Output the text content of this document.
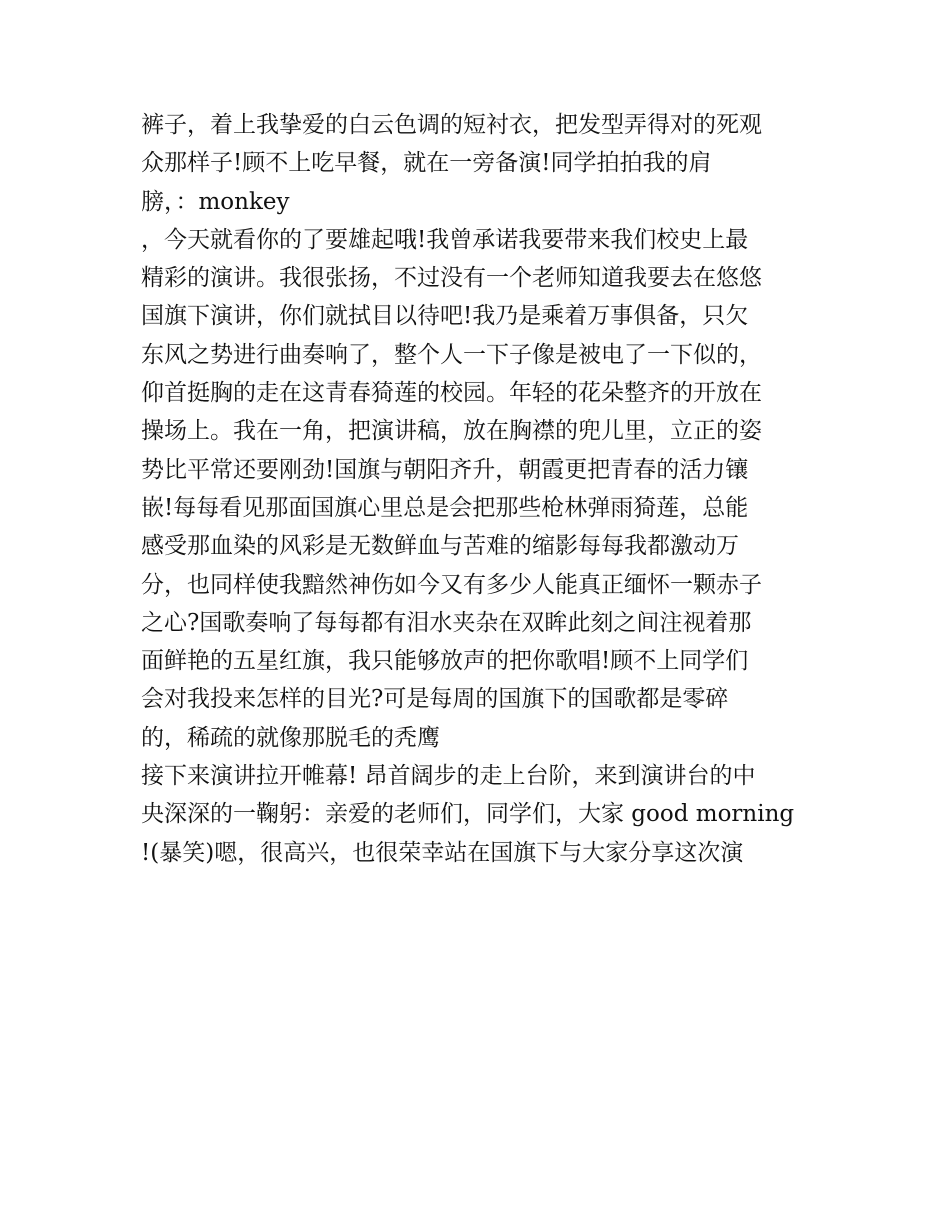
裤子，着上我挚爱的白云色调的短衬衣，把发型弄得对的死观
众那样子!顾不上吃早餐，就在一旁备演!同学拍拍我的肩
膀，：monkey
，今天就看你的了要雄起哦!我曾承诺我要带来我们校史上最
精彩的演讲。我很张扬，不过没有一个老师知道我要去在悠悠
国旗下演讲，你们就拭目以待吧!我乃是乘着万事俱备，只欠
东风之势进行曲奏响了，整个人一下子像是被电了一下似的，
仰首挺胸的走在这青春猗莲的校园。年轻的花朵整齐的开放在
操场上。我在一角，把演讲稿，放在胸襟的兜儿里，立正的姿
势比平常还要刚劲!国旗与朝阳齐升，朝霞更把青春的活力镶
嵌!每每看见那面国旗心里总是会把那些枪林弹雨猗莲，总能
感受那血染的风彩是无数鲜血与苦难的缩影每每我都激动万
分，也同样使我黯然神伤如今又有多少人能真正缅怀一颗赤子
之心?国歌奏响了每每都有泪水夹杂在双眸此刻之间注视着那
面鲜艳的五星红旗，我只能够放声的把你歌唱!顾不上同学们
会对我投来怎样的目光?可是每周的国旗下的国歌都是零碎
的，稀疏的就像那脱毛的秃鹰
接下来演讲拉开帷幕! 昂首阔步的走上台阶，来到演讲台的中
央深深的一鞠躬：亲爱的老师们，同学们，大家 good morning
!(暴笑)嗯，很高兴，也很荣幸站在国旗下与大家分享这次演
